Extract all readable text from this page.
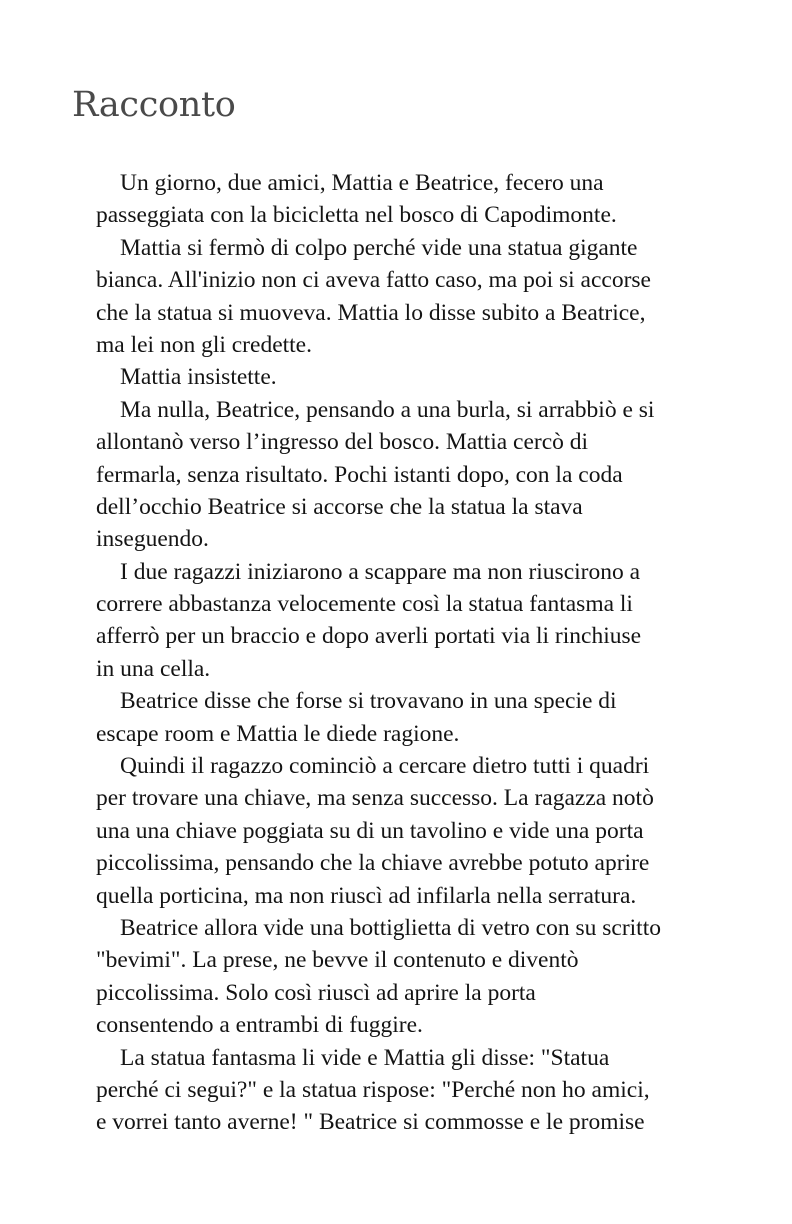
Racconto
Un giorno, due amici, Mattia e Beatrice, fecero una
passeggiata con la bicicletta nel bosco di Capodimonte.
Mattia si fermò di colpo perché vide una statua gigante
bianca. All'inizio non ci aveva fatto caso, ma poi si accorse
che la statua si muoveva. Mattia lo disse subito a Beatrice,
ma lei non gli credette.
Mattia insistette.
Ma nulla, Beatrice, pensando a una burla, si arrabbiò e si
allontanò verso l’ingresso del bosco. Mattia cercò di
fermarla, senza risultato. Pochi istanti dopo, con la coda
dell’occhio Beatrice si accorse che la statua la stava
inseguendo.
I due ragazzi iniziarono a scappare ma non riuscirono a
correre abbastanza velocemente così la statua fantasma li
afferrò per un braccio e dopo averli portati via li rinchiuse
in una cella.
Beatrice disse che forse si trovavano in una specie di
escape room e Mattia le diede ragione.
Quindi il ragazzo cominciò a cercare dietro tutti i quadri
per trovare una chiave, ma senza successo. La ragazza notò
una una chiave poggiata su di un tavolino e vide una porta
piccolissima, pensando che la chiave avrebbe potuto aprire
quella porticina, ma non riuscì ad infilarla nella serratura.
Beatrice allora vide una bottiglietta di vetro con su scritto
"bevimi". La prese, ne bevve il contenuto e diventò
piccolissima. Solo così riuscì ad aprire la porta
consentendo a entrambi di fuggire.
La statua fantasma li vide e Mattia gli disse: "Statua
perché ci segui?" e la statua rispose: "Perché non ho amici,
e vorrei tanto averne! " Beatrice si commosse e le promise
